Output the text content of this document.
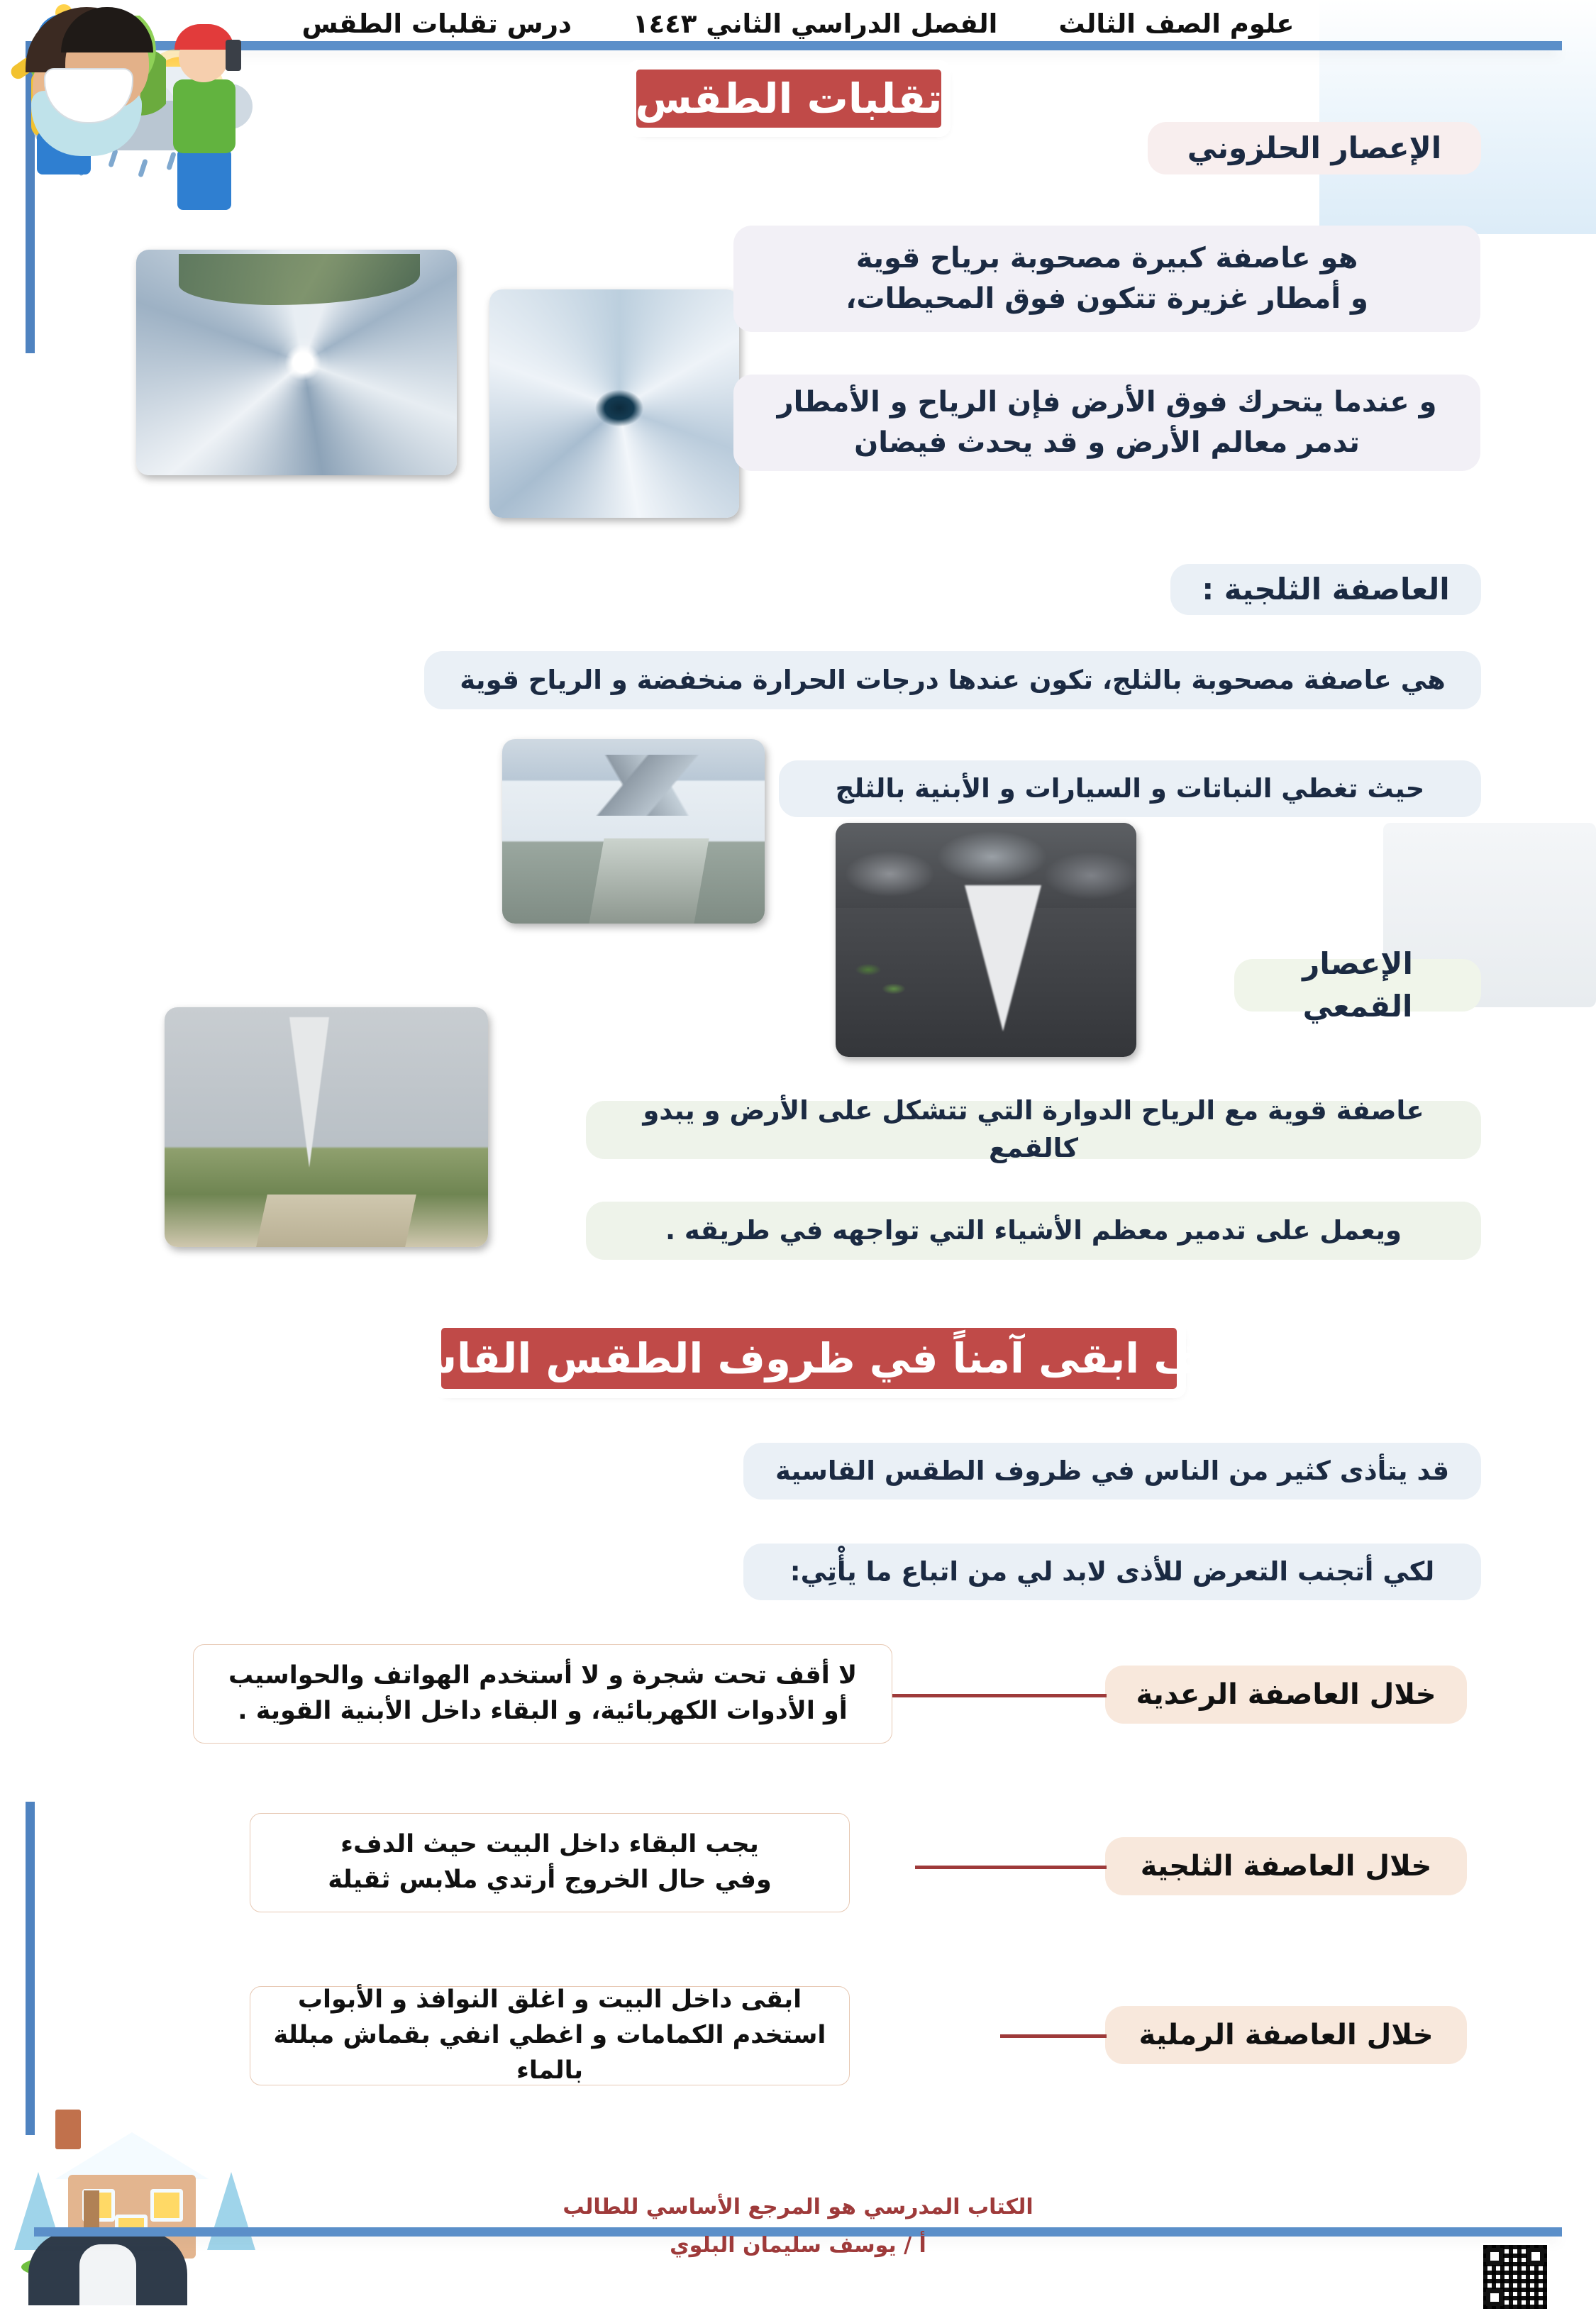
علوم الصف الثالث
الفصل الدراسي الثاني ١٤٤٣
درس تقلبات الطقس
تقلبات الطقس
الإعصار الحلزوني
هو عاصفة كبيرة مصحوبة برياح قوية
و أمطار غزيرة تتكون فوق المحيطات،
و عندما يتحرك فوق الأرض فإن الرياح و الأمطار
تدمر معالم الأرض و قد يحدث فيضان
العاصفة الثلجية :
هي عاصفة مصحوبة بالثلج، تكون عندها درجات الحرارة منخفضة و الرياح قوية
حيث تغطي النباتات و السيارات و الأبنية بالثلج
الإعصار القمعي
عاصفة قوية مع الرياح الدوارة التي تتشكل على الأرض و يبدو كالقمع
ويعمل على تدمير معظم الأشياء التي تواجهه في طريقه .
كيف ابقى آمناً في ظروف الطقس القاسية
قد يتأذى كثير من الناس في ظروف الطقس القاسية
لكي أتجنب التعرض للأذى لابد لي من اتباع ما يأْتِي:
خلال العاصفة الرعدية
لا أقف تحت شجرة و لا أستخدم الهواتف والحواسيب
أو الأدوات الكهربائية، و البقاء داخل الأبنية القوية .
خلال العاصفة الثلجية
يجب البقاء داخل البيت حيث الدفء
وفي حال الخروج أرتدي ملابس ثقيلة
خلال العاصفة الرملية
ابقى داخل البيت و اغلق النوافذ و الأبواب
استخدم الكمامات و اغطي انفي بقماش مبللة بالماء
الكتاب المدرسي هو المرجع الأساسي للطالب
أ / يوسف سليمان البلوي
